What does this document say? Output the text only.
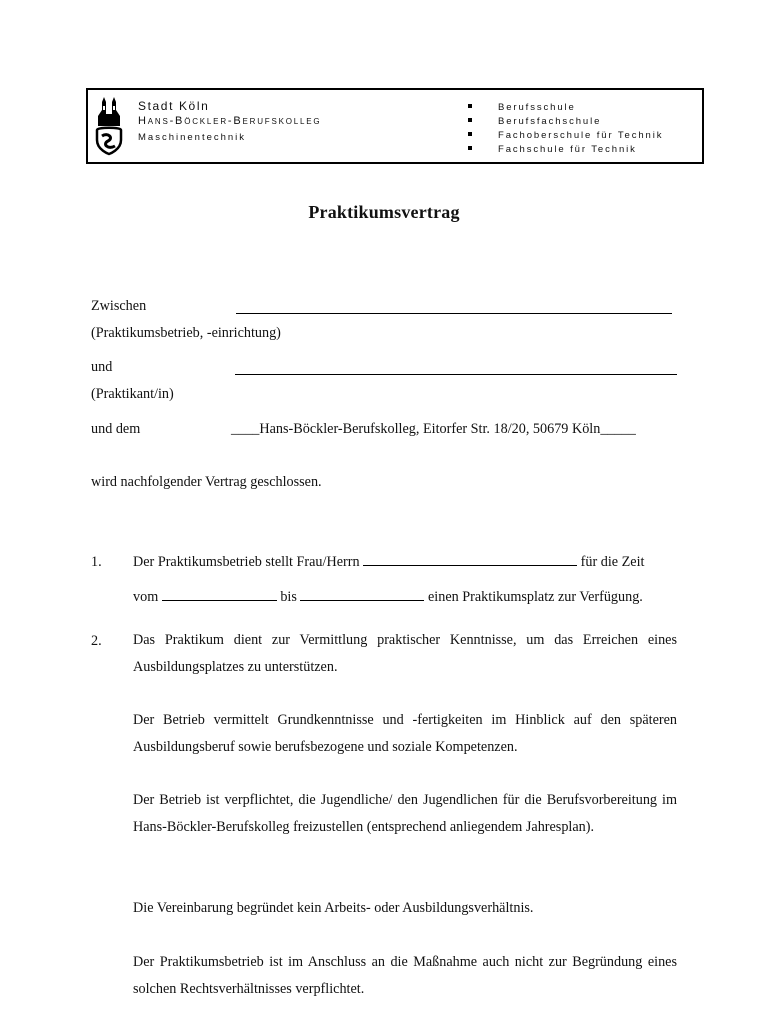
Stadt Köln
Hans-Böckler-Berufskolleg
Maschinentechnik
Berufsschule
Berufsfachschule
Fachoberschule für Technik
Fachschule für Technik
Praktikumsvertrag
Zwischen
(Praktikumsbetrieb, -einrichtung)
und
(Praktikant/in)
und dem	____Hans-Böckler-Berufskolleg, Eitorfer Str. 18/20, 50679 Köln_____
wird nachfolgender Vertrag geschlossen.
1. Der Praktikumsbetrieb stellt Frau/Herrn	für die Zeit
vom	bis	einen Praktikumsplatz zur Verfügung.
2. Das Praktikum dient zur Vermittlung praktischer Kenntnisse, um das Erreichen eines Ausbildungsplatzes zu unterstützen.
Der Betrieb vermittelt Grundkenntnisse und -fertigkeiten im Hinblick auf den späteren Ausbildungsberuf sowie berufsbezogene und soziale Kompetenzen.
Der Betrieb ist verpflichtet, die Jugendliche/ den Jugendlichen für die Berufsvorbereitung im Hans-Böckler-Berufskolleg freizustellen (entsprechend anliegendem Jahresplan).
Die Vereinbarung begründet kein Arbeits- oder Ausbildungsverhältnis.
Der Praktikumsbetrieb ist im Anschluss an die Maßnahme auch nicht zur Begründung eines solchen Rechtsverhältnisses verpflichtet.
